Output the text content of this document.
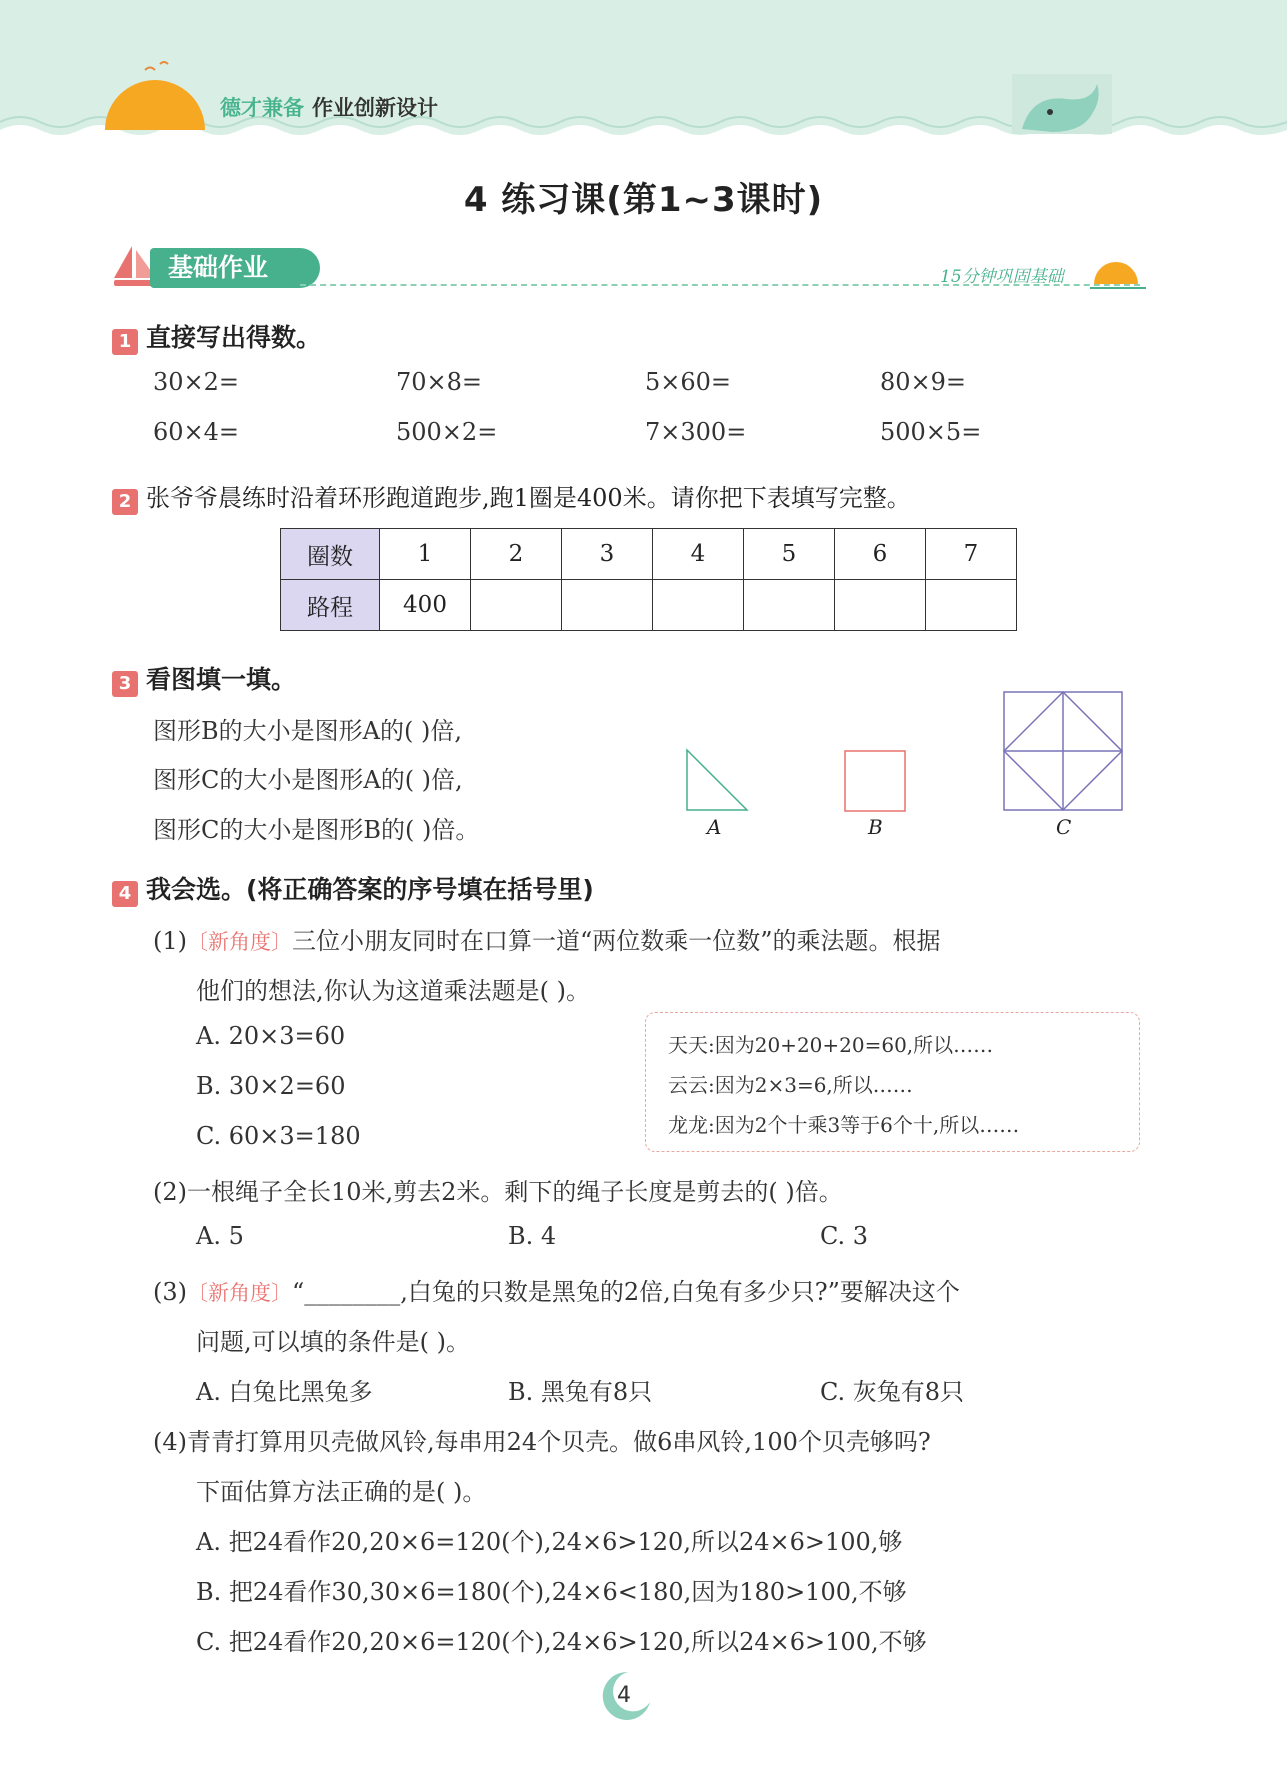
德才兼备 作业创新设计
4 练习课(第1~3课时)
基础作业	15分钟巩固基础
1 直接写出得数。
30×2=	70×8=	5×60=	80×9=
60×4=	500×2=	7×300=	500×5=
2 张爷爷晨练时沿着环形跑道跑步,跑1圈是400米。请你把下表填写完整。
圈数	1	2	3	4	5	6	7
路程	400						
3 看图填一填。
图形B的大小是图形A的( )倍,
图形C的大小是图形A的( )倍,
图形C的大小是图形B的( )倍。	A	B	C
4 我会选。(将正确答案的序号填在括号里)
(1)〔新角度〕三位小朋友同时在口算一道“两位数乘一位数”的乘法题。根据
他们的想法,你认为这道乘法题是( )。
A. 20×3=60
B. 30×2=60
C. 60×3=180
天天:因为20+20+20=60,所以……
云云:因为2×3=6,所以……
龙龙:因为2个十乘3等于6个十,所以……
(2)一根绳子全长10米,剪去2米。剩下的绳子长度是剪去的( )倍。
A. 5	B. 4	C. 3
(3)〔新角度〕“________,白兔的只数是黑兔的2倍,白兔有多少只?”要解决这个
问题,可以填的条件是( )。
A. 白兔比黑兔多	B. 黑兔有8只	C. 灰兔有8只
(4)青青打算用贝壳做风铃,每串用24个贝壳。做6串风铃,100个贝壳够吗?
下面估算方法正确的是( )。
A. 把24看作20,20×6=120(个),24×6>120,所以24×6>100,够
B. 把24看作30,30×6=180(个),24×6<180,因为180>100,不够
C. 把24看作20,20×6=120(个),24×6>120,所以24×6>100,不够
4
